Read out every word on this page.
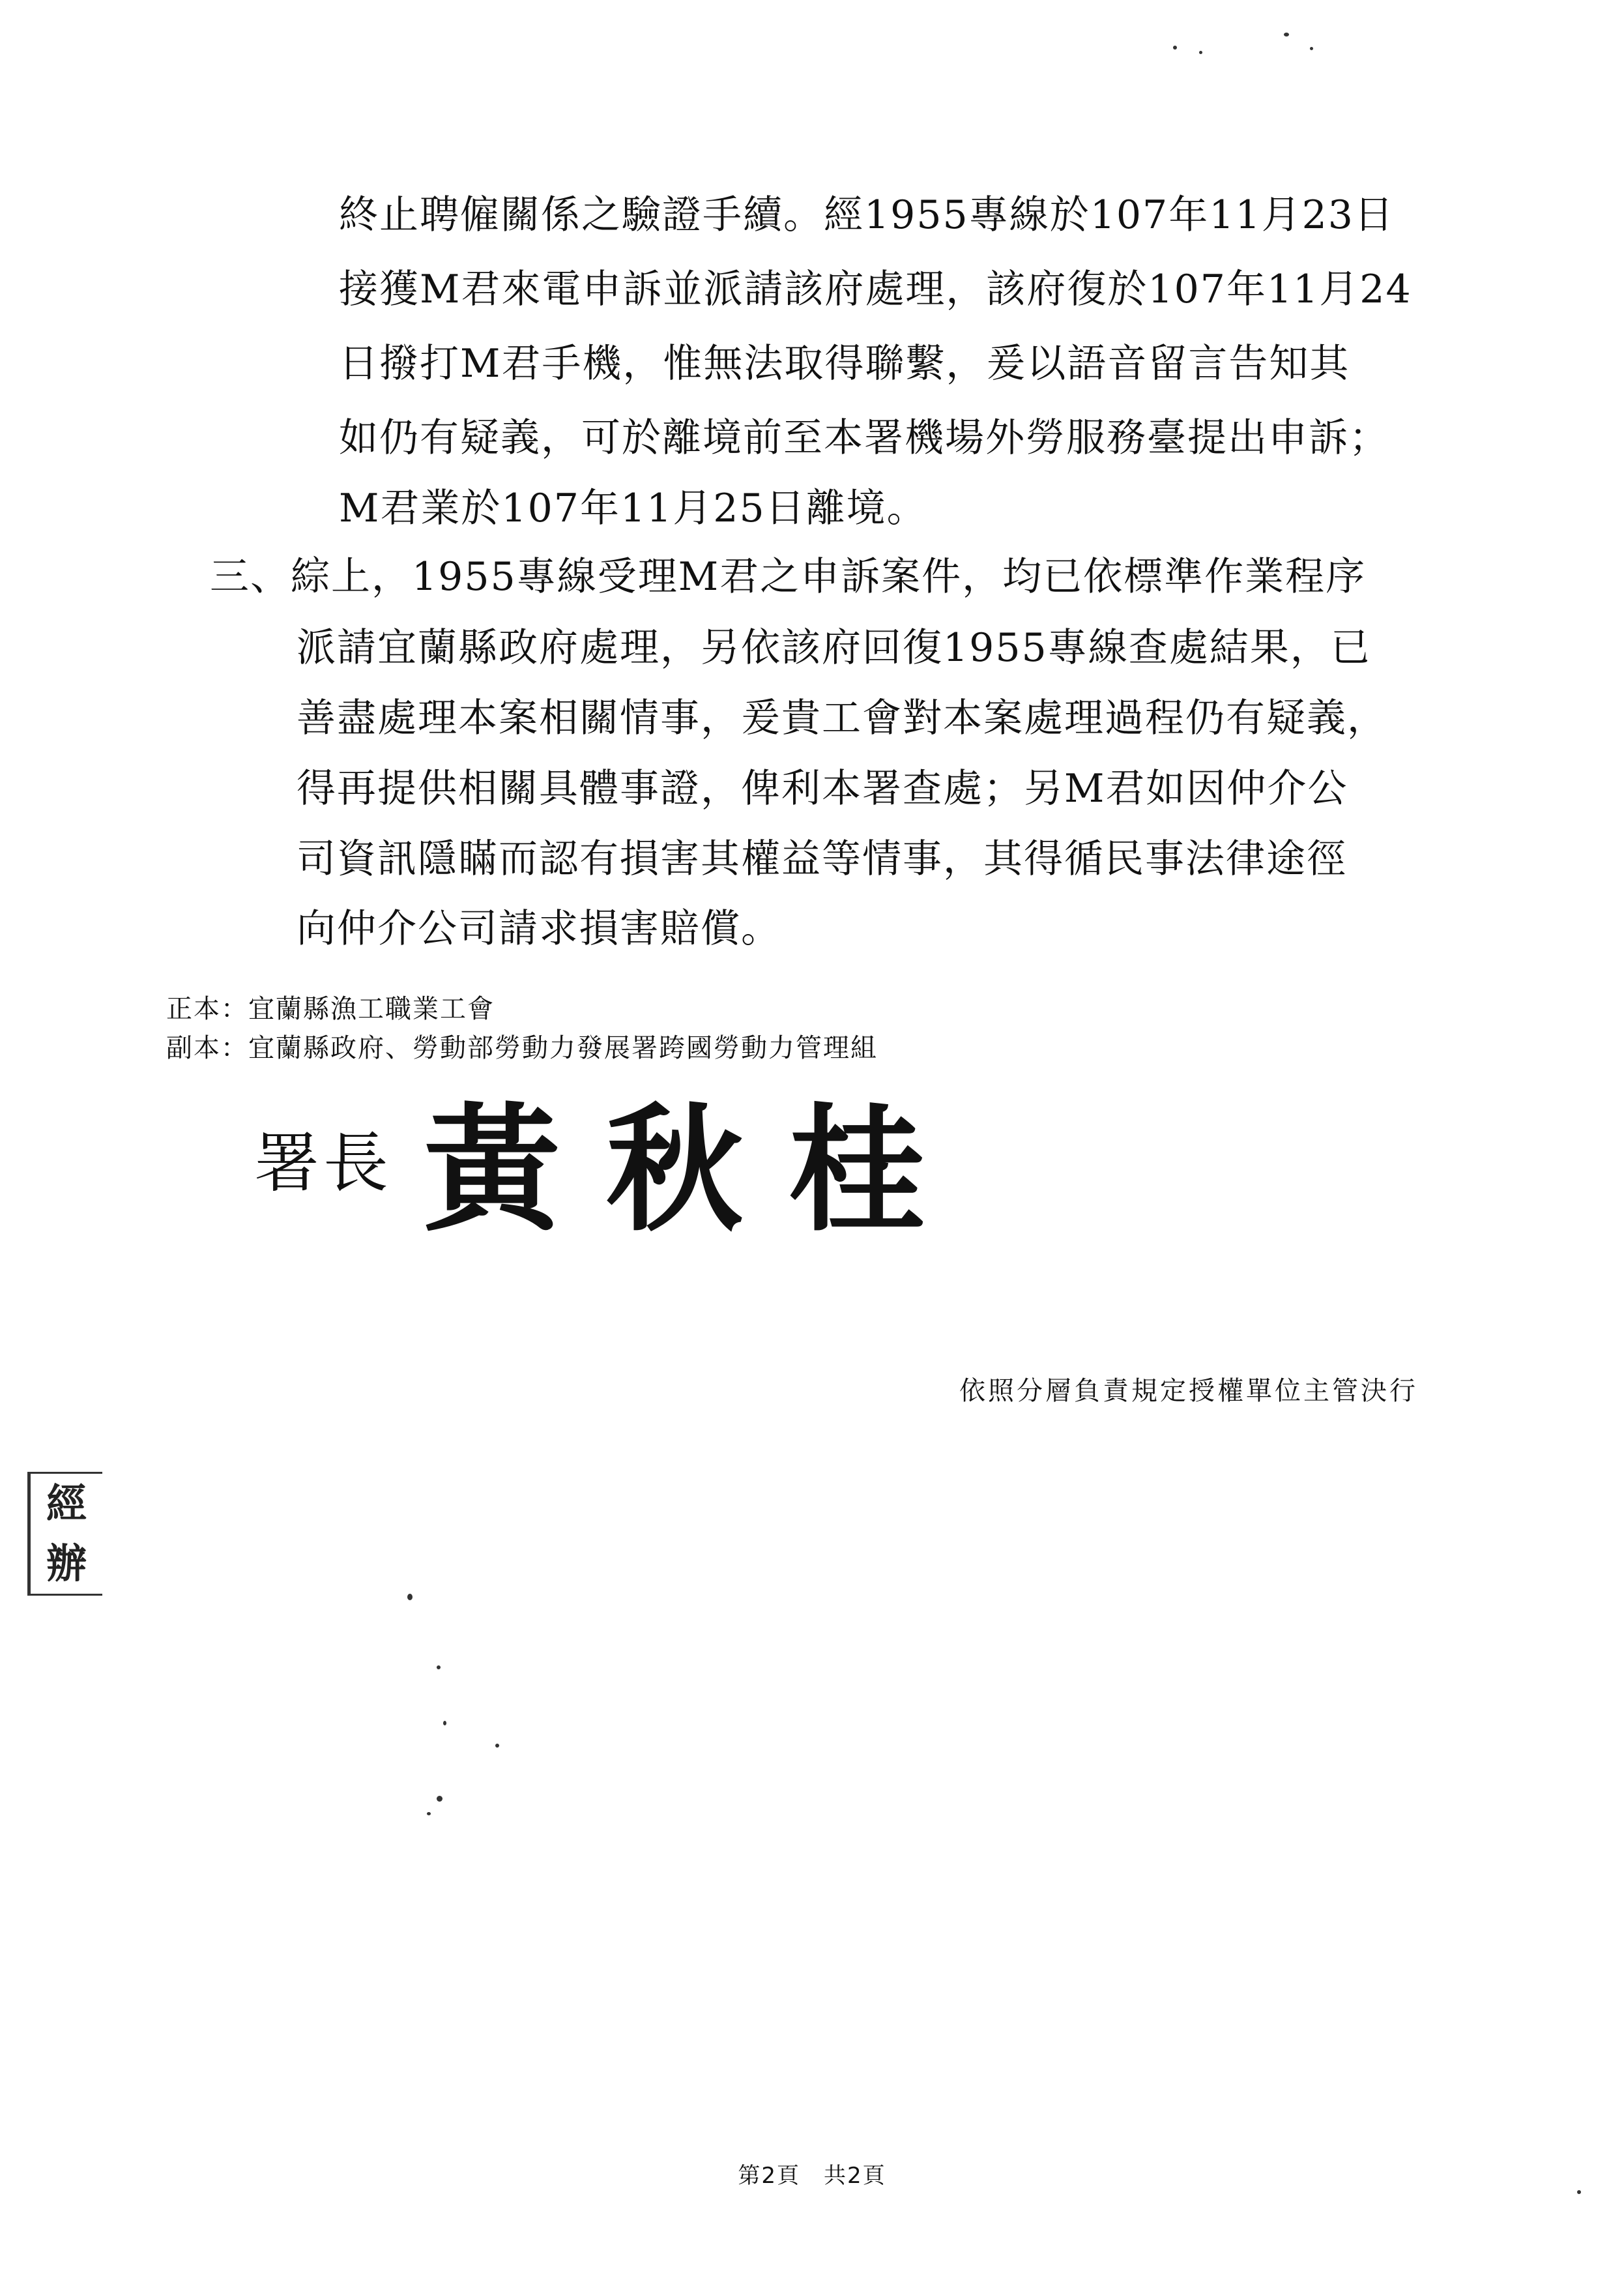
終止聘僱關係之驗證手續。經1955專線於107年11月23日
接獲M君來電申訴並派請該府處理，該府復於107年11月24
日撥打M君手機，惟無法取得聯繫，爰以語音留言告知其
如仍有疑義，可於離境前至本署機場外勞服務臺提出申訴；
M君業於107年11月25日離境。
三、綜上，1955專線受理M君之申訴案件，均已依標準作業程序
派請宜蘭縣政府處理，另依該府回復1955專線查處結果，已
善盡處理本案相關情事，爰貴工會對本案處理過程仍有疑義，
得再提供相關具體事證，俾利本署查處；另M君如因仲介公
司資訊隱瞞而認有損害其權益等情事，其得循民事法律途徑
向仲介公司請求損害賠償。
正本：宜蘭縣漁工職業工會
副本：宜蘭縣政府、勞動部勞動力發展署跨國勞動力管理組
署長 黃秋桂
依照分層負責規定授權單位主管決行
經
辦
第2頁　共2頁
